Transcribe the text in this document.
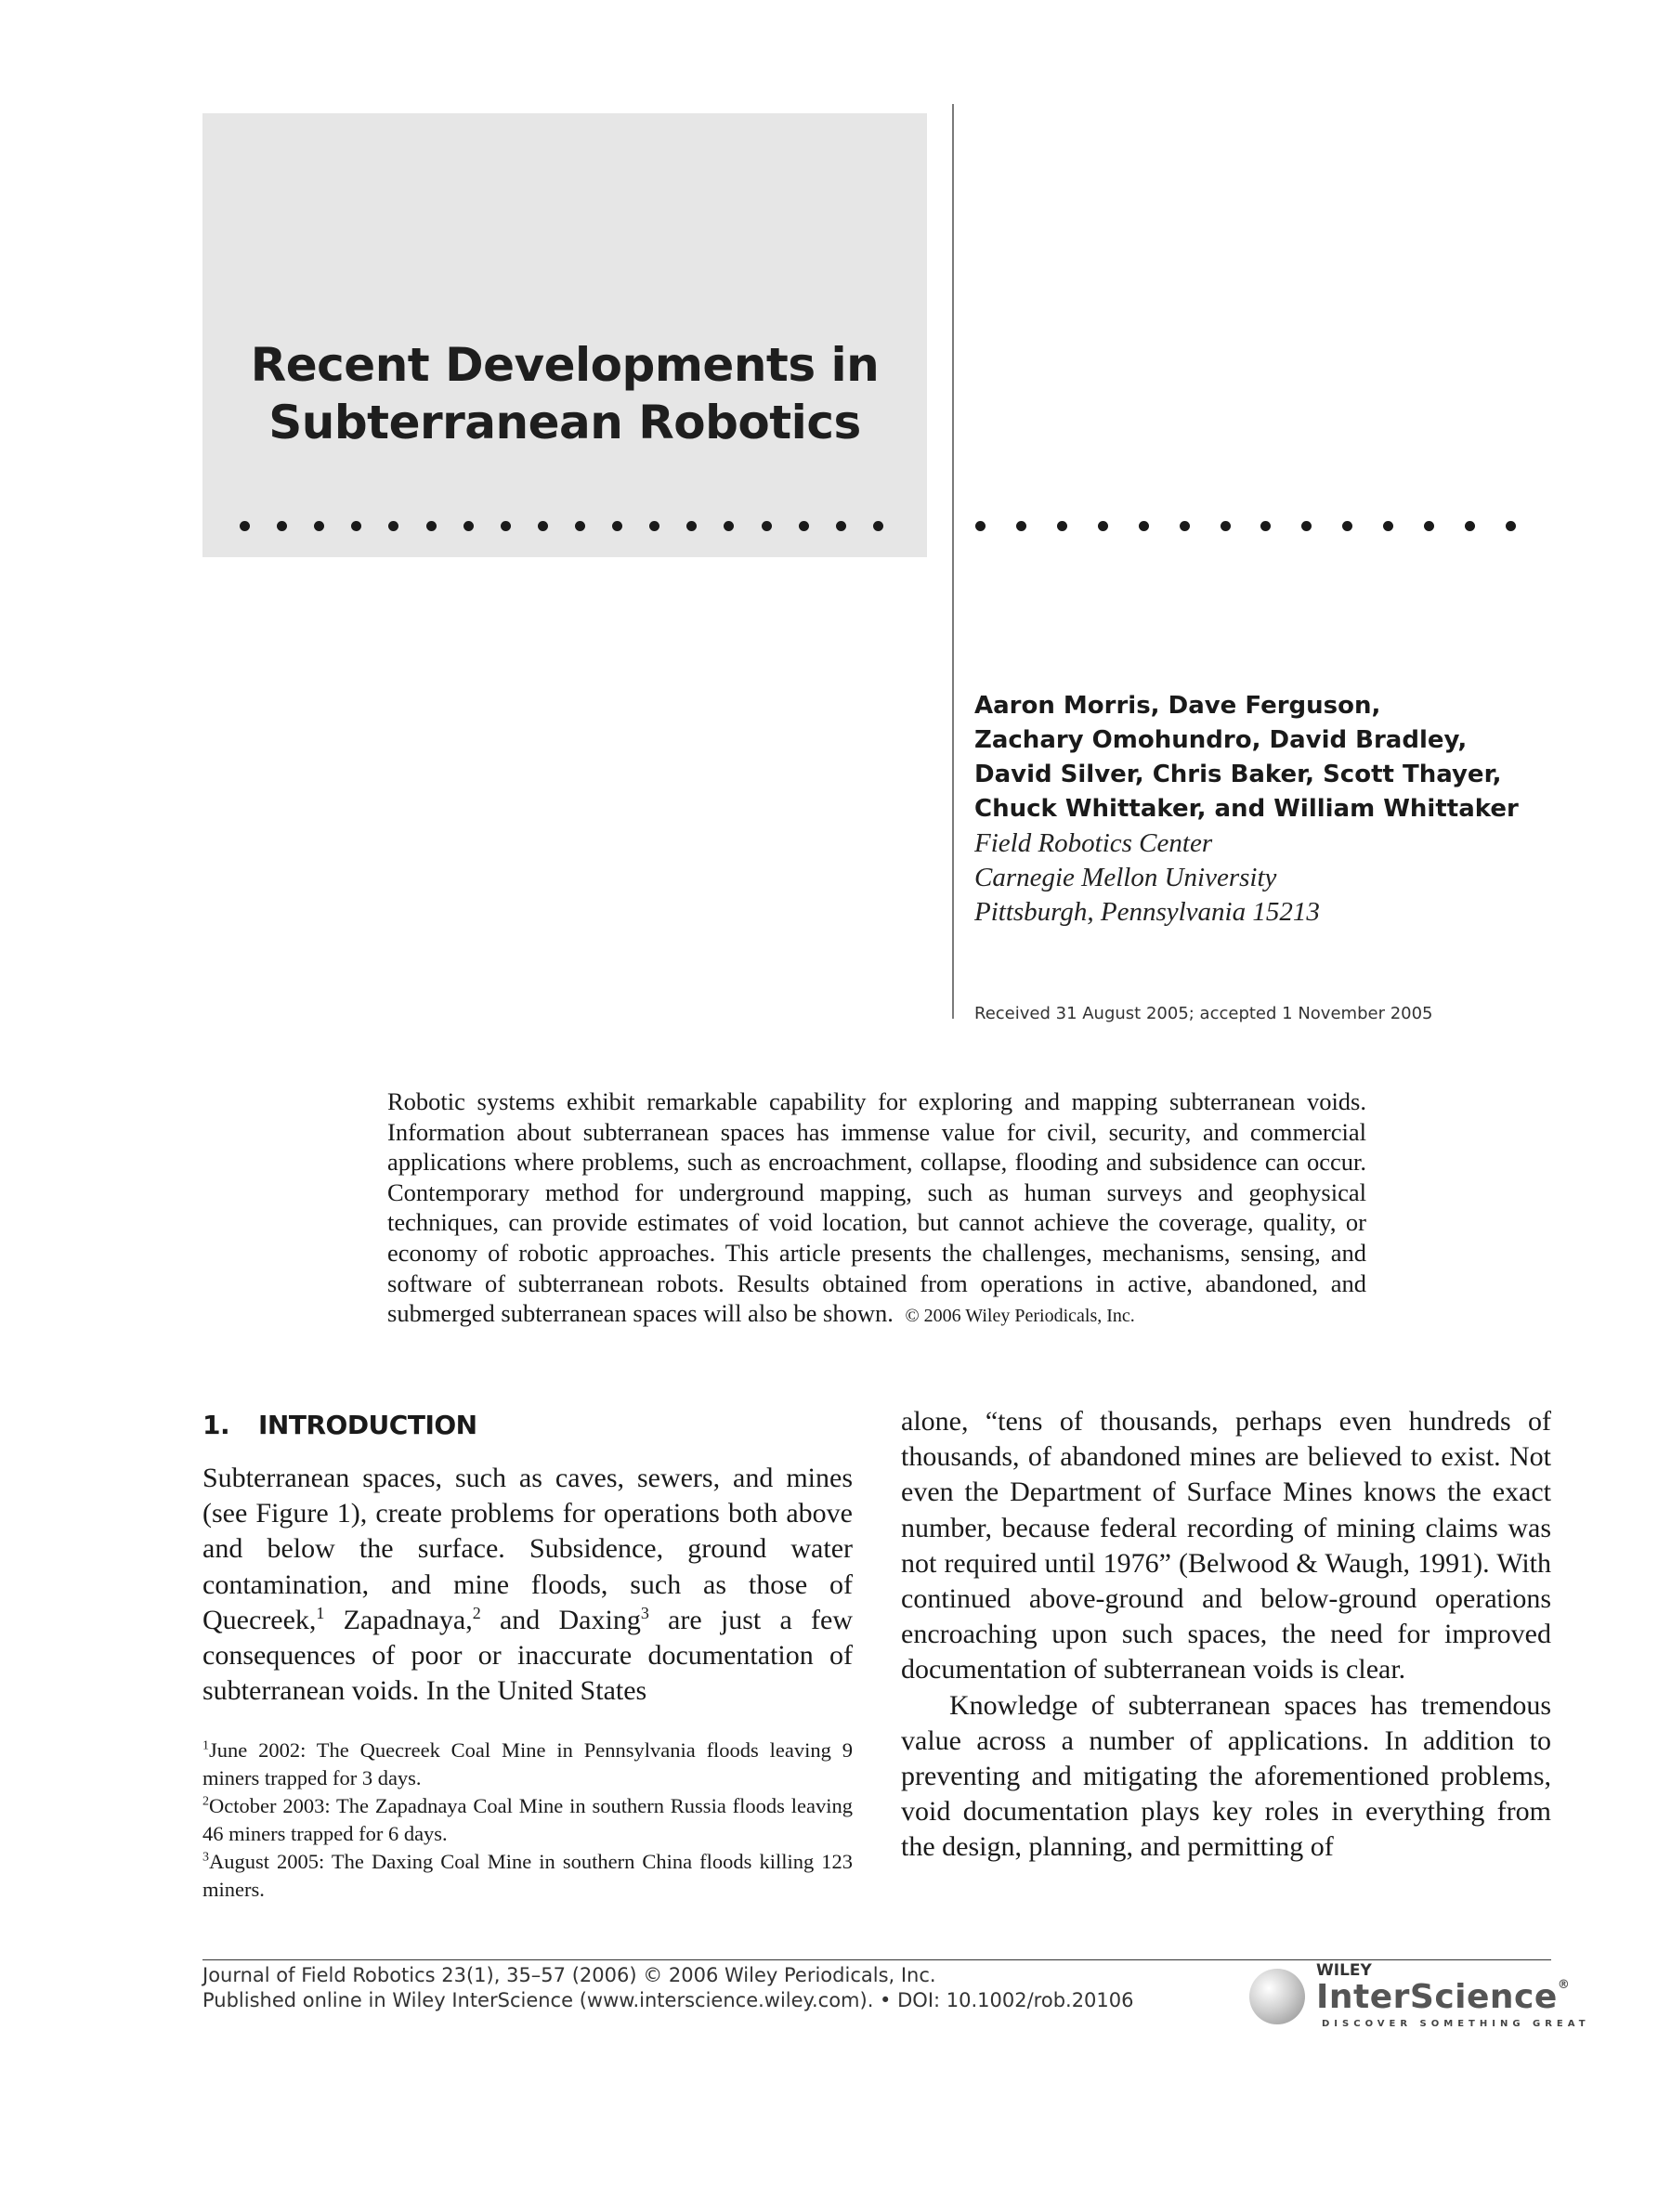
Recent Developments in
Subterranean Robotics
Aaron Morris, Dave Ferguson,
Zachary Omohundro, David Bradley,
David Silver, Chris Baker, Scott Thayer,
Chuck Whittaker, and William Whittaker
Field Robotics Center
Carnegie Mellon University
Pittsburgh, Pennsylvania 15213
Received 31 August 2005; accepted 1 November 2005
Robotic systems exhibit remarkable capability for exploring and mapping subterranean voids. Information about subterranean spaces has immense value for civil, security, and commercial applications where problems, such as encroachment, collapse, flooding and subsidence can occur. Contemporary method for underground mapping, such as human surveys and geophysical techniques, can provide estimates of void location, but cannot achieve the coverage, quality, or economy of robotic approaches. This article presents the challenges, mechanisms, sensing, and software of subterranean robots. Results obtained from operations in active, abandoned, and submerged subterranean spaces will also be shown. © 2006 Wiley Periodicals, Inc.
1. INTRODUCTION

Subterranean spaces, such as caves, sewers, and mines (see Figure 1), create problems for operations both above and below the surface. Subsidence, ground water contamination, and mine floods, such as those of Quecreek,$^1$ Zapadnaya,$^2$ and Daxing$^3$ are just a few consequences of poor or inaccurate documentation of subterranean voids. In the United States

$^1$June 2002: The Quecreek Coal Mine in Pennsylvania floods leaving 9 miners trapped for 3 days.

$^2$October 2003: The Zapadnaya Coal Mine in southern Russia floods leaving 46 miners trapped for 6 days.

$^3$August 2005: The Daxing Coal Mine in southern China floods killing 123 miners.

alone, “tens of thousands, perhaps even hundreds of thousands, of abandoned mines are believed to exist. Not even the Department of Surface Mines knows the exact number, because federal recording of mining claims was not required until 1976” (Belwood & Waugh, 1991). With continued above-ground and below-ground operations encroaching upon such spaces, the need for improved documentation of subterranean voids is clear.

Knowledge of subterranean spaces has tremendous value across a number of applications. In addition to preventing and mitigating the aforementioned problems, void documentation plays key roles in everything from the design, planning, and permitting of

Journal of Field Robotics 23(1), 35–57 (2006) © 2006 Wiley Periodicals, Inc.
Published online in Wiley InterScience (www.interscience.wiley.com). • DOI: 10.1002/rob.20106
WILEY
InterScience®
DISCOVER SOMETHING GREAT
